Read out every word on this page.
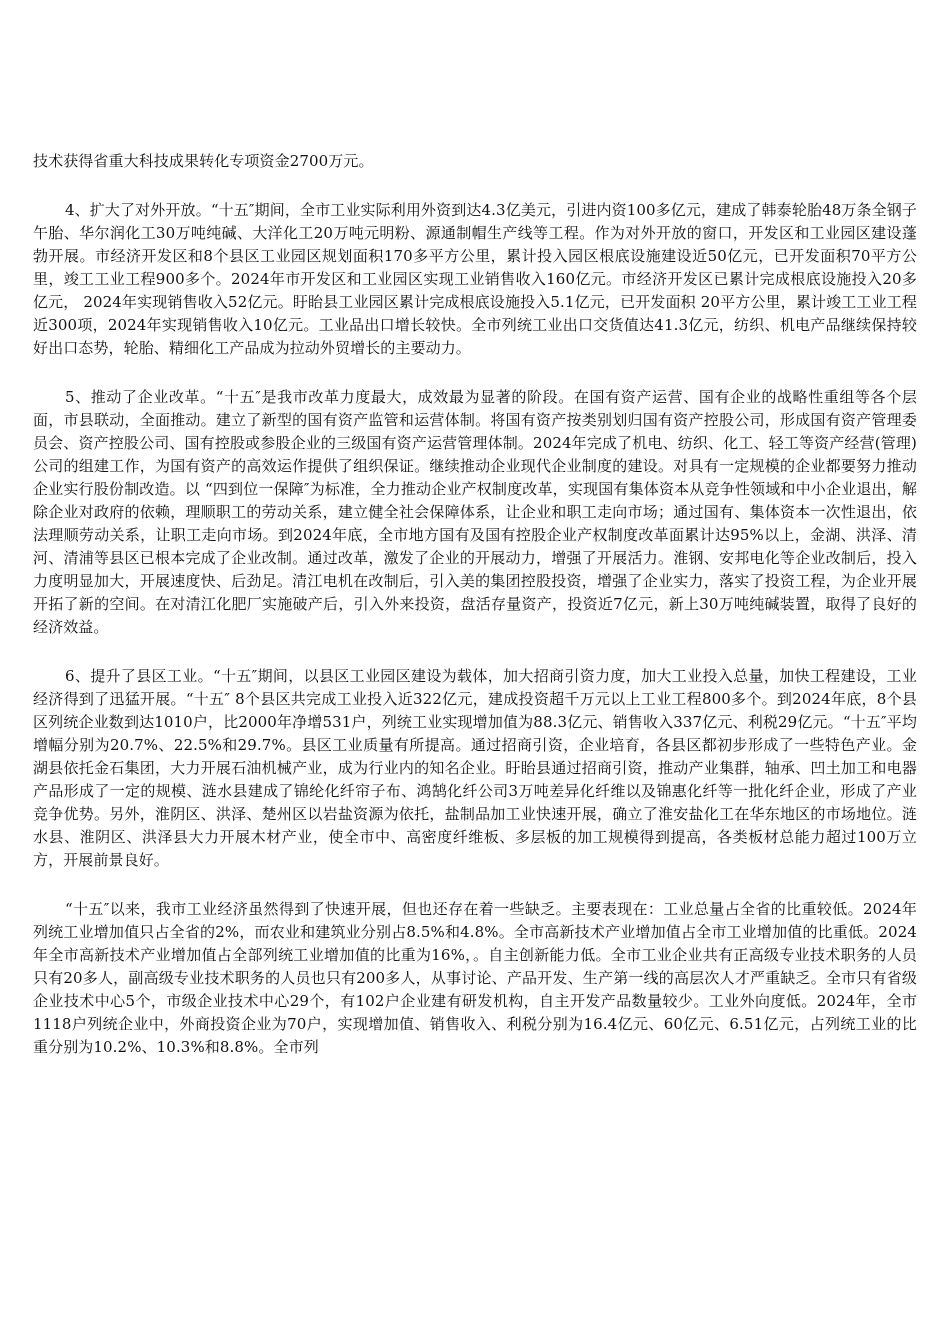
技术获得省重大科技成果转化专项资金2700万元。

4、扩大了对外开放。“十五″期间，全市工业实际利用外资到达4.3亿美元，引进内资100多亿元，建成了韩泰轮胎48万条全钢子午胎、华尔润化工30万吨纯碱、大洋化工20万吨元明粉、源通制帽生产线等工程。作为对外开放的窗口，开发区和工业园区建设蓬勃开展。市经济开发区和8个县区工业园区规划面积170多平方公里，累计投入园区根底设施建设近50亿元，已开发面积70平方公里，竣工工业工程900多个。2024年市开发区和工业园区实现工业销售收入160亿元。市经济开发区已累计完成根底设施投入20多亿元， 2024年实现销售收入52亿元。盱眙县工业园区累计完成根底设施投入5.1亿元，已开发面积 20平方公里，累计竣工工业工程近300项，2024年实现销售收入10亿元。工业品出口增长较快。全市列统工业出口交货值达41.3亿元，纺织、机电产品继续保持较好出口态势，轮胎、精细化工产品成为拉动外贸增长的主要动力。

5、推动了企业改革。“十五″是我市改革力度最大，成效最为显著的阶段。在国有资产运营、国有企业的战略性重组等各个层面，市县联动，全面推动。建立了新型的国有资产监管和运营体制。将国有资产按类别划归国有资产控股公司，形成国有资产管理委员会、资产控股公司、国有控股或参股企业的三级国有资产运营管理体制。2024年完成了机电、纺织、化工、轻工等资产经营(管理)公司的组建工作，为国有资产的高效运作提供了组织保证。继续推动企业现代企业制度的建设。对具有一定规模的企业都要努力推动企业实行股份制改造。以 “四到位一保障″为标准，全力推动企业产权制度改革，实现国有集体资本从竞争性领域和中小企业退出，解除企业对政府的依赖，理顺职工的劳动关系，建立健全社会保障体系，让企业和职工走向市场；通过国有、集体资本一次性退出，依法理顺劳动关系，让职工走向市场。到2024年底，全市地方国有及国有控股企业产权制度改革面累计达95%以上，金湖、洪泽、清河、清浦等县区已根本完成了企业改制。通过改革，激发了企业的开展动力，增强了开展活力。淮钢、安邦电化等企业改制后，投入力度明显加大，开展速度快、后劲足。清江电机在改制后，引入美的集团控股投资，增强了企业实力，落实了投资工程，为企业开展开拓了新的空间。在对清江化肥厂实施破产后，引入外来投资，盘活存量资产，投资近7亿元，新上30万吨纯碱装置，取得了良好的经济效益。

6、提升了县区工业。“十五″期间，以县区工业园区建设为载体，加大招商引资力度，加大工业投入总量，加快工程建设，工业经济得到了迅猛开展。“十五″ 8个县区共完成工业投入近322亿元，建成投资超千万元以上工业工程800多个。到2024年底，8个县区列统企业数到达1010户，比2000年净增531户，列统工业实现增加值为88.3亿元、销售收入337亿元、利税29亿元。“十五″平均增幅分别为20.7%、22.5%和29.7%。县区工业质量有所提高。通过招商引资，企业培育，各县区都初步形成了一些特色产业。金湖县依托金石集团，大力开展石油机械产业，成为行业内的知名企业。盱眙县通过招商引资，推动产业集群，轴承、凹土加工和电器产品形成了一定的规模、涟水县建成了锦纶化纤帘子布、鸿鹄化纤公司3万吨差异化纤维以及锦惠化纤等一批化纤企业，形成了产业竞争优势。另外，淮阴区、洪泽、楚州区以岩盐资源为依托，盐制品加工业快速开展，确立了淮安盐化工在华东地区的市场地位。涟水县、淮阴区、洪泽县大力开展木材产业，使全市中、高密度纤维板、多层板的加工规模得到提高，各类板材总能力超过100万立方，开展前景良好。

“十五″以来，我市工业经济虽然得到了快速开展，但也还存在着一些缺乏。主要表现在：工业总量占全省的比重较低。2024年列统工业增加值只占全省的2%，而农业和建筑业分别占8.5%和4.8%。全市高新技术产业增加值占全市工业增加值的比重低。2024年全市高新技术产业增加值占全部列统工业增加值的比重为16%，。自主创新能力低。全市工业企业共有正高级专业技术职务的人员只有20多人，副高级专业技术职务的人员也只有200多人，从事讨论、产品开发、生产第一线的高层次人才严重缺乏。全市只有省级企业技术中心5个，市级企业技术中心29个，有102户企业建有研发机构，自主开发产品数量较少。工业外向度低。2024年，全市1118户列统企业中，外商投资企业为70户，实现增加值、销售收入、利税分别为16.4亿元、60亿元、6.51亿元，占列统工业的比重分别为10.2%、10.3%和8.8%。全市列
